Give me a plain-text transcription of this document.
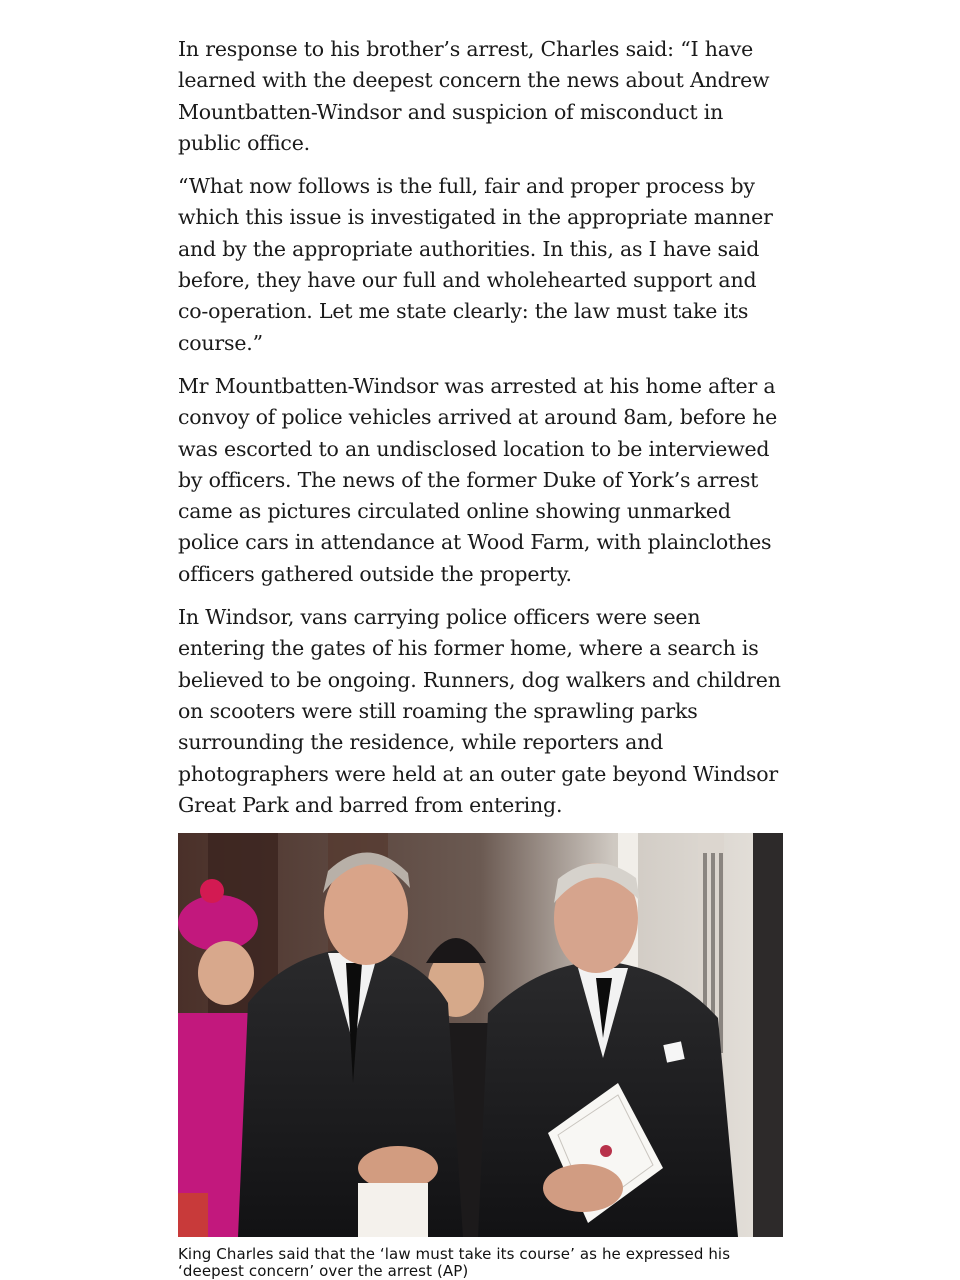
In response to his brother’s arrest, Charles said: “I have learned with the deepest concern the news about Andrew Mountbatten-Windsor and suspicion of misconduct in public office.

“What now follows is the full, fair and proper process by which this issue is investigated in the appropriate manner and by the appropriate authorities. In this, as I have said before, they have our full and wholehearted support and co-operation. Let me state clearly: the law must take its course.”

Mr Mountbatten-Windsor was arrested at his home after a convoy of police vehicles arrived at around 8am, before he was escorted to an undisclosed location to be interviewed by officers. The news of the former Duke of York’s arrest came as pictures circulated online showing unmarked police cars in attendance at Wood Farm, with plainclothes officers gathered outside the property.

In Windsor, vans carrying police officers were seen entering the gates of his former home, where a search is believed to be ongoing. Runners, dog walkers and children on scooters were still roaming the sprawling parks surrounding the residence, while reporters and photographers were held at an outer gate beyond Windsor Great Park and barred from entering.

King Charles said that the ‘law must take its course’ as he expressed his ‘deepest concern’ over the arrest (AP)
